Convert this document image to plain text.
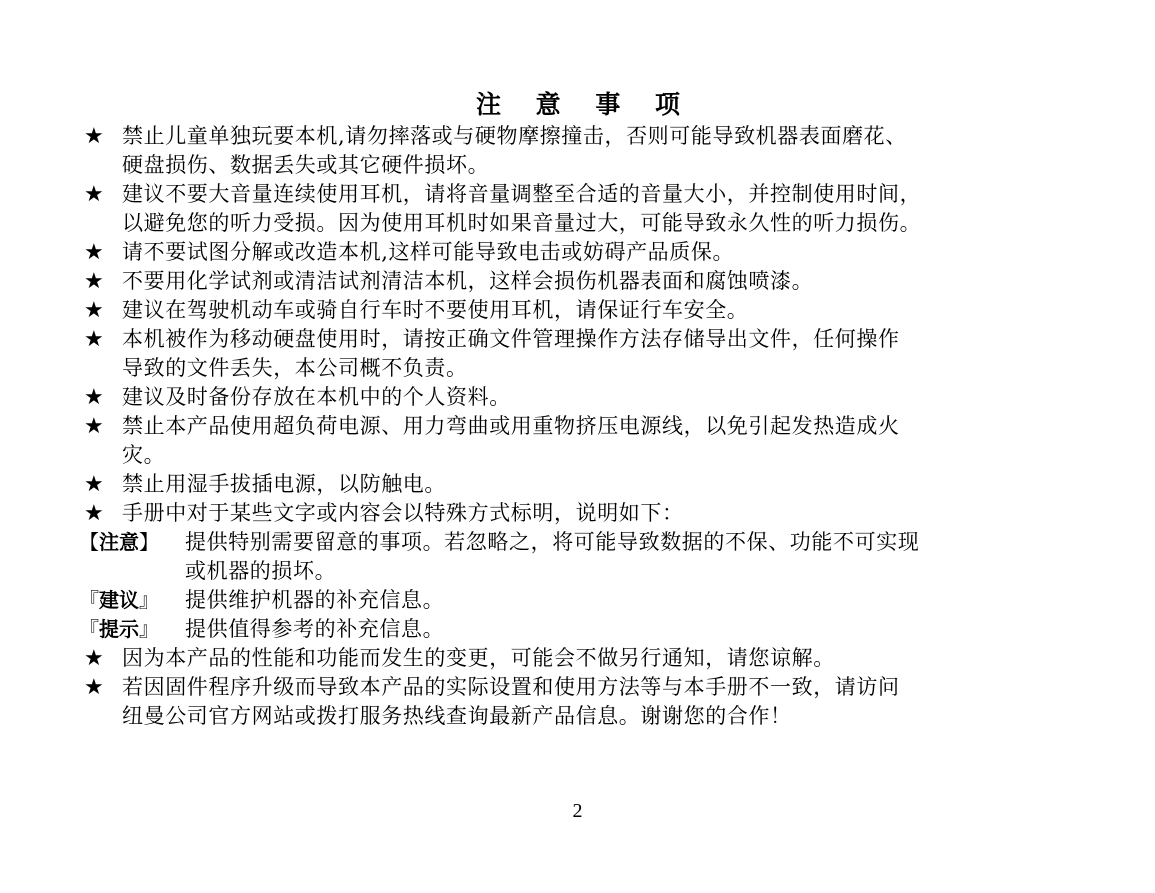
注 意 事 项
★ 禁止儿童单独玩要本机,请勿摔落或与硬物摩擦撞击，否则可能导致机器表面磨花、
硬盘损伤、数据丢失或其它硬件损坏。
★ 建议不要大音量连续使用耳机，请将音量调整至合适的音量大小，并控制使用时间，
以避免您的听力受损。因为使用耳机时如果音量过大，可能导致永久性的听力损伤。
★ 请不要试图分解或改造本机,这样可能导致电击或妨碍产品质保。
★ 不要用化学试剂或清洁试剂清洁本机，这样会损伤机器表面和腐蚀喷漆。
★ 建议在驾驶机动车或骑自行车时不要使用耳机，请保证行车安全。
★ 本机被作为移动硬盘使用时，请按正确文件管理操作方法存储导出文件，任何操作
导致的文件丢失，本公司概不负责。
★ 建议及时备份存放在本机中的个人资料。
★ 禁止本产品使用超负荷电源、用力弯曲或用重物挤压电源线，以免引起发热造成火
灾。
★ 禁止用湿手拔插电源，以防触电。
★ 手册中对于某些文字或内容会以特殊方式标明，说明如下：
【注意】	提供特别需要留意的事项。若忽略之，将可能导致数据的不保、功能不可实现
或机器的损坏。
『建议』	提供维护机器的补充信息。
『提示』	提供值得参考的补充信息。
★ 因为本产品的性能和功能而发生的变更，可能会不做另行通知，请您谅解。
★ 若因固件程序升级而导致本产品的实际设置和使用方法等与本手册不一致，请访问
纽曼公司官方网站或拨打服务热线查询最新产品信息。谢谢您的合作！
2
